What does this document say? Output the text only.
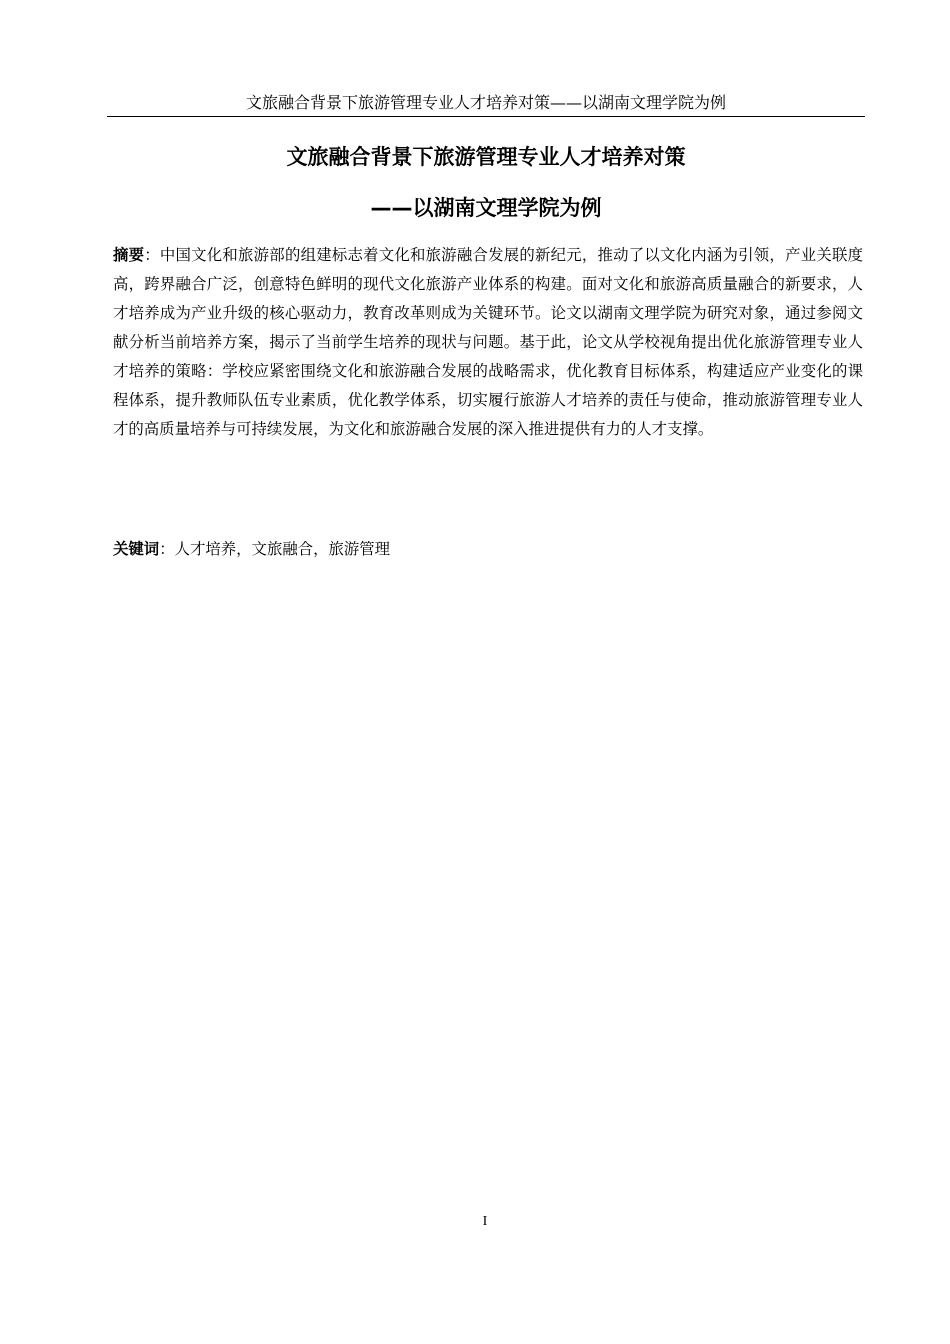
文旅融合背景下旅游管理专业人才培养对策——以湖南文理学院为例
文旅融合背景下旅游管理专业人才培养对策
——以湖南文理学院为例
摘要：中国文化和旅游部的组建标志着文化和旅游融合发展的新纪元，推动了以文化内涵为引领，产业关联度高，跨界融合广泛，创意特色鲜明的现代文化旅游产业体系的构建。面对文化和旅游高质量融合的新要求，人才培养成为产业升级的核心驱动力，教育改革则成为关键环节。论文以湖南文理学院为研究对象，通过参阅文献分析当前培养方案，揭示了当前学生培养的现状与问题。基于此，论文从学校视角提出优化旅游管理专业人才培养的策略：学校应紧密围绕文化和旅游融合发展的战略需求，优化教育目标体系，构建适应产业变化的课程体系，提升教师队伍专业素质，优化教学体系，切实履行旅游人才培养的责任与使命，推动旅游管理专业人才的高质量培养与可持续发展，为文化和旅游融合发展的深入推进提供有力的人才支撑。
关键词：人才培养，文旅融合，旅游管理
I
